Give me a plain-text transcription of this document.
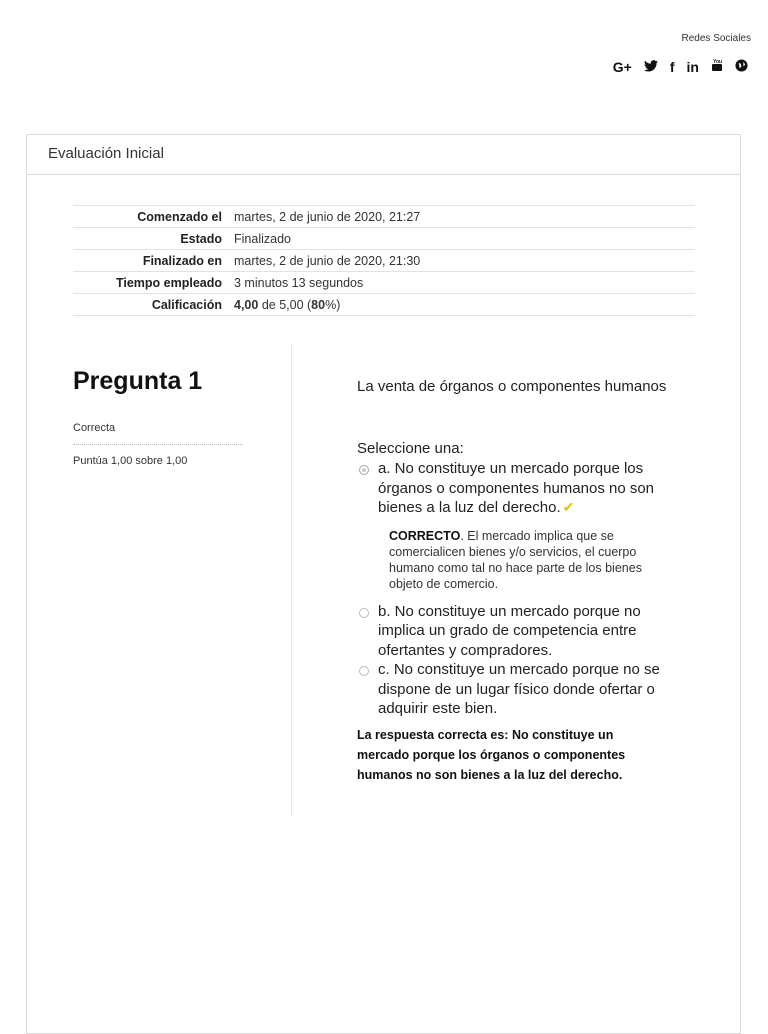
Redes Sociales
G+	f in	You
Evaluación Inicial
Comenzado el	martes, 2 de junio de 2020, 21:27
Estado	Finalizado
Finalizado en	martes, 2 de junio de 2020, 21:30
Tiempo empleado	3 minutos 13 segundos
Calificación	4,00 de 5,00 (80%)
Pregunta 1
Correcta
Puntúa 1,00 sobre 1,00
La venta de órganos o componentes humanos
Seleccione una:
a. No constituye un mercado porque los órganos o componentes humanos no son bienes a la luz del derecho. ✔
CORRECTO. El mercado implica que se comercialicen bienes y/o servicios, el cuerpo humano como tal no hace parte de los bienes objeto de comercio.
b. No constituye un mercado porque no implica un grado de competencia entre ofertantes y compradores.
c. No constituye un mercado porque no se dispone de un lugar físico donde ofertar o adquirir este bien.
La respuesta correcta es: No constituye un mercado porque los órganos o componentes humanos no son bienes a la luz del derecho.
